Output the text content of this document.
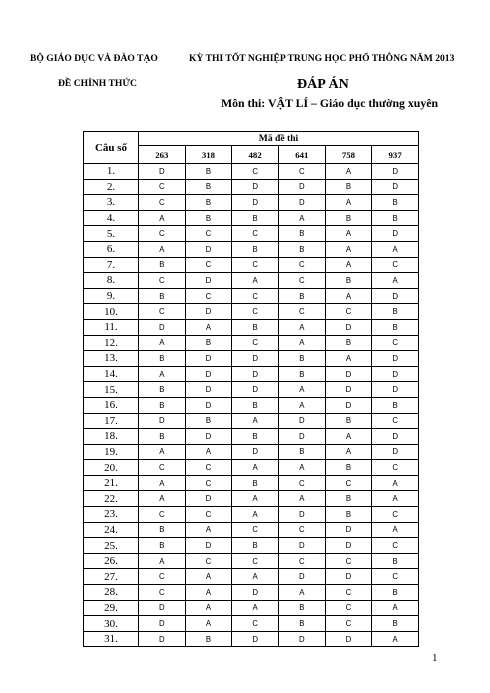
BỘ GIÁO DỤC VÀ ĐÀO TẠO
ĐỀ CHÍNH THỨC
KỲ THI TỐT NGHIỆP TRUNG HỌC PHỔ THÔNG NĂM 2013
ĐÁP ÁN
Môn thi: VẬT LÍ – Giáo dục thường xuyên
Câu số	Mã đề thi					
	263	318	482	641	758	937
1.	D	B	C	C	A	D
2.	C	B	D	D	B	D
3.	C	B	D	D	A	B
4.	A	B	B	A	B	B
5.	C	C	C	B	A	D
6.	A	D	B	B	A	A
7.	B	C	C	C	A	C
8.	C	D	A	C	B	A
9.	B	C	C	B	A	D
10.	C	D	C	C	C	B
11.	D	A	B	A	D	B
12.	A	B	C	A	B	C
13.	B	D	D	B	A	D
14.	A	D	D	B	D	D
15.	B	D	D	A	D	D
16.	B	D	B	A	D	B
17.	D	B	A	D	B	C
18.	B	D	B	D	A	D
19.	A	A	D	B	A	D
20.	C	C	A	A	B	C
21.	A	C	B	C	C	A
22.	A	D	A	A	B	A
23.	C	C	A	D	B	C
24.	B	A	C	C	D	A
25.	B	D	B	D	D	C
26.	A	C	C	C	C	B
27.	C	A	A	D	D	C
28.	C	A	D	A	C	B
29.	D	A	A	B	C	A
30.	D	A	C	B	C	B
31.	D	B	D	D	D	A
1
